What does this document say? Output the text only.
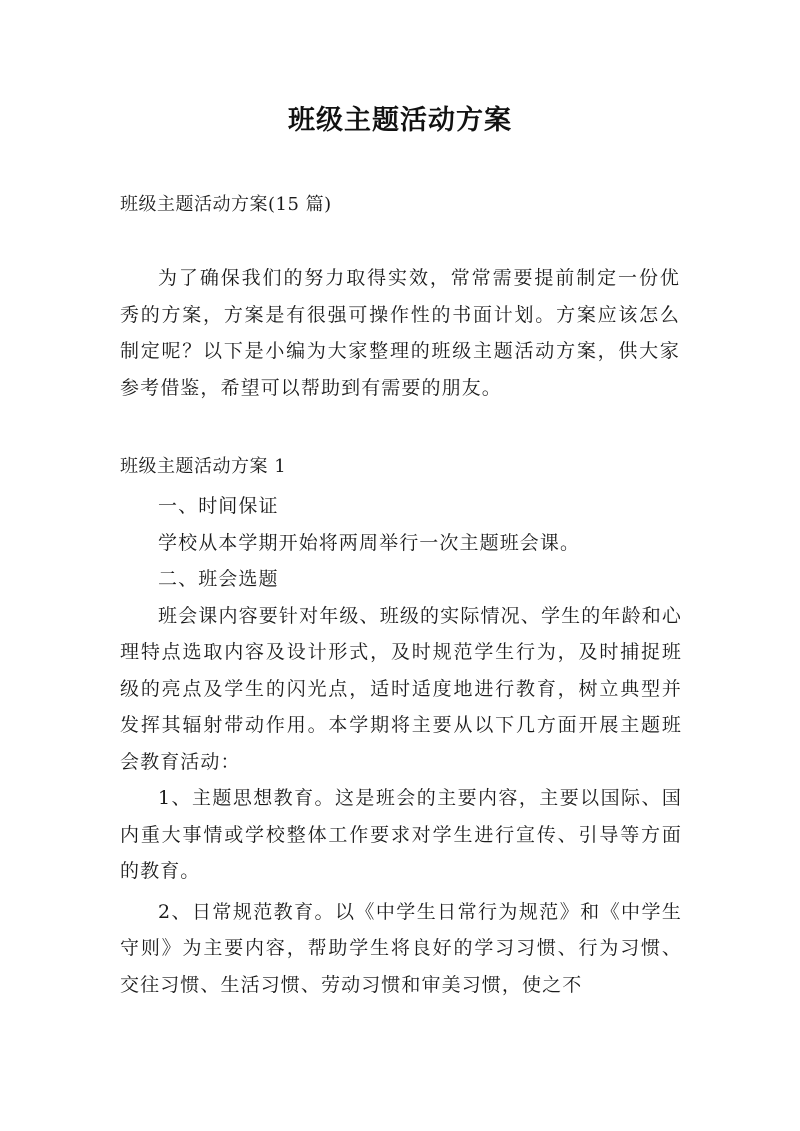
班级主题活动方案
班级主题活动方案(15 篇)

为了确保我们的努力取得实效，常常需要提前制定一份优秀的方案，方案是有很强可操作性的书面计划。方案应该怎么制定呢？以下是小编为大家整理的班级主题活动方案，供大家参考借鉴，希望可以帮助到有需要的朋友。

班级主题活动方案 1

一、时间保证

学校从本学期开始将两周举行一次主题班会课。

二、班会选题

班会课内容要针对年级、班级的实际情况、学生的年龄和心理特点选取内容及设计形式，及时规范学生行为，及时捕捉班级的亮点及学生的闪光点，适时适度地进行教育，树立典型并发挥其辐射带动作用。本学期将主要从以下几方面开展主题班会教育活动：

1、主题思想教育。这是班会的主要内容，主要以国际、国内重大事情或学校整体工作要求对学生进行宣传、引导等方面的教育。

2、日常规范教育。以《中学生日常行为规范》和《中学生守则》为主要内容，帮助学生将良好的学习习惯、行为习惯、交往习惯、生活习惯、劳动习惯和审美习惯，使之不
